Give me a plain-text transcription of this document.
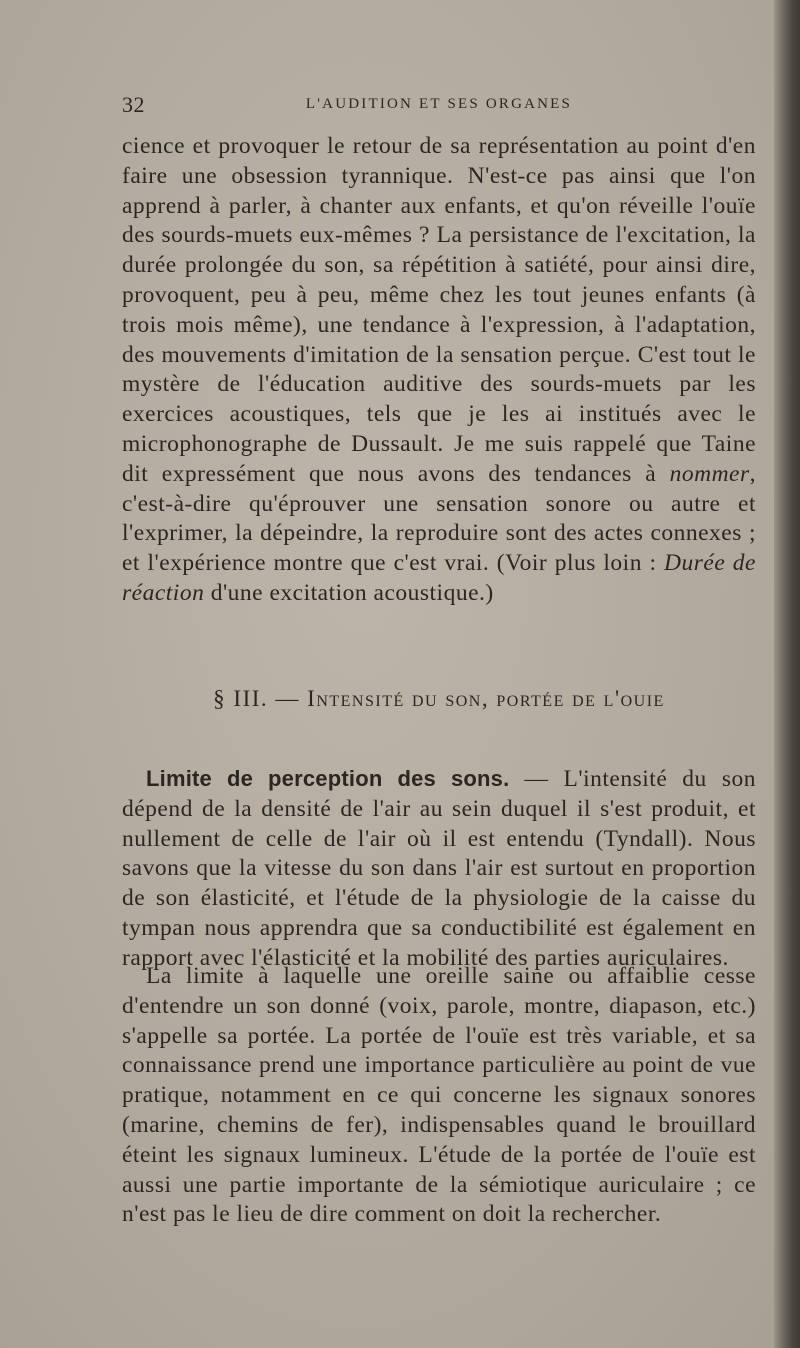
32	L'AUDITION ET SES ORGANES

cience et provoquer le retour de sa représentation au point d'en faire une obsession tyrannique. N'est-ce pas ainsi que l'on apprend à parler, à chanter aux enfants, et qu'on réveille l'ouïe des sourds-muets eux-mêmes ? La persistance de l'excitation, la durée prolongée du son, sa répétition à satiété, pour ainsi dire, provoquent, peu à peu, même chez les tout jeunes enfants (à trois mois même), une tendance à l'expression, à l'adaptation, des mouvements d'imitation de la sensation perçue. C'est tout le mystère de l'éducation auditive des sourds-muets par les exercices acoustiques, tels que je les ai institués avec le microphonographe de Dussault. Je me suis rappelé que Taine dit expressément que nous avons des tendances à nommer, c'est-à-dire qu'éprouver une sensation sonore ou autre et l'exprimer, la dépeindre, la reproduire sont des actes connexes ; et l'expérience montre que c'est vrai. (Voir plus loin : Durée de réaction d'une excitation acoustique.)

§ III. — Intensité du son, portée de l'ouie

Limite de perception des sons. — L'intensité du son dépend de la densité de l'air au sein duquel il s'est produit, et nullement de celle de l'air où il est entendu (Tyndall). Nous savons que la vitesse du son dans l'air est surtout en proportion de son élasticité, et l'étude de la physiologie de la caisse du tympan nous apprendra que sa conductibilité est également en rapport avec l'élasticité et la mobilité des parties auriculaires.

La limite à laquelle une oreille saine ou affaiblie cesse d'entendre un son donné (voix, parole, montre, diapason, etc.) s'appelle sa portée. La portée de l'ouïe est très variable, et sa connaissance prend une importance particulière au point de vue pratique, notamment en ce qui concerne les signaux sonores (marine, chemins de fer), indispensables quand le brouillard éteint les signaux lumineux. L'étude de la portée de l'ouïe est aussi une partie importante de la sémiotique auriculaire ; ce n'est pas le lieu de dire comment on doit la rechercher.
